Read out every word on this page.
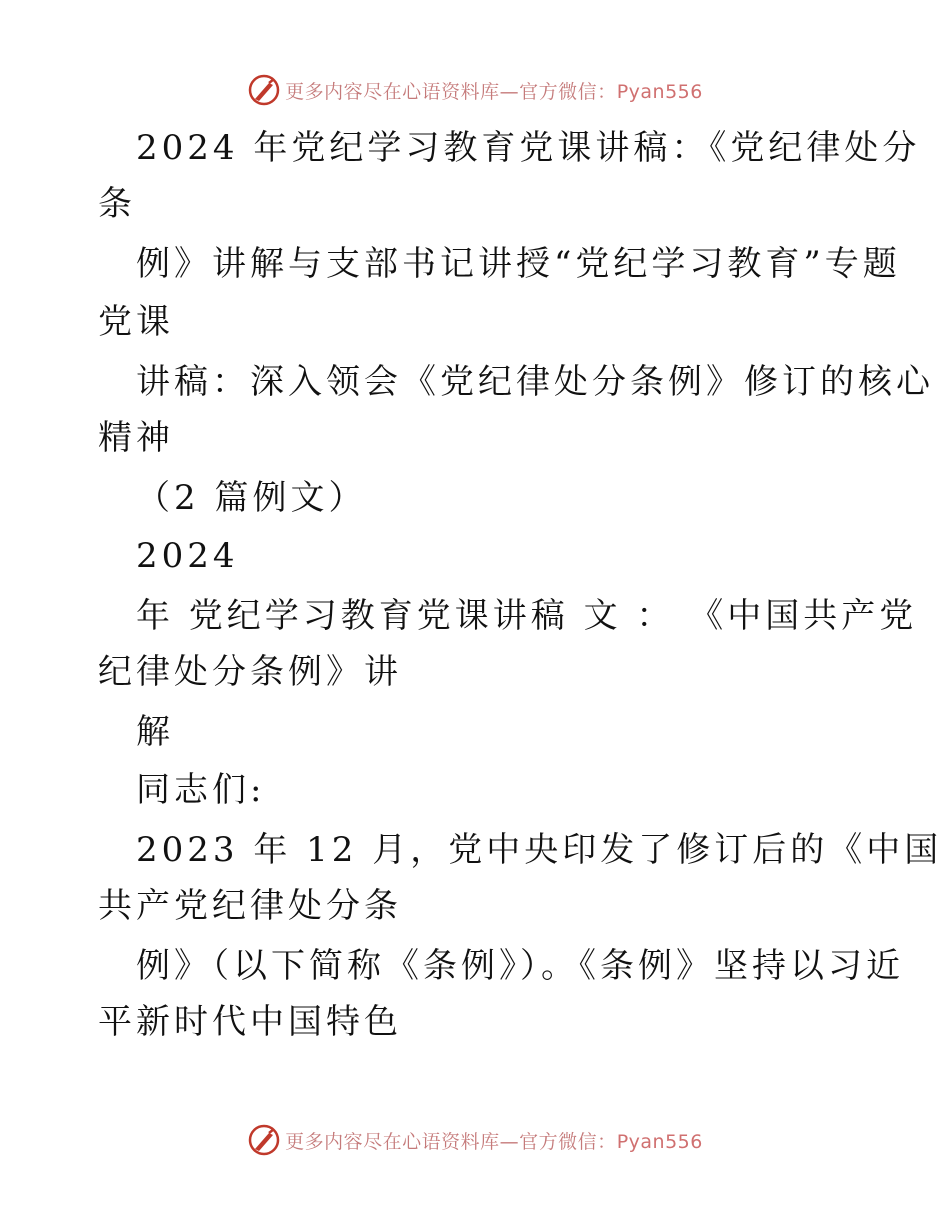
更多内容尽在心语资料库—官方微信：Pyan556
2024 年党纪学习教育党课讲稿：《党纪律处分
条
例》讲解与支部书记讲授“党纪学习教育”专题
党课
讲稿：深入领会《党纪律处分条例》修订的核心
精神
（2 篇例文）
2024
年 党纪学习教育党课讲稿 文 ： 《中国共产党
纪律处分条例》讲
解
同志们:
2023 年 12 月，党中央印发了修订后的《中国
共产党纪律处分条
例》（以下简称《条例》）。《条例》坚持以习近
平新时代中国特色
更多内容尽在心语资料库—官方微信：Pyan556
